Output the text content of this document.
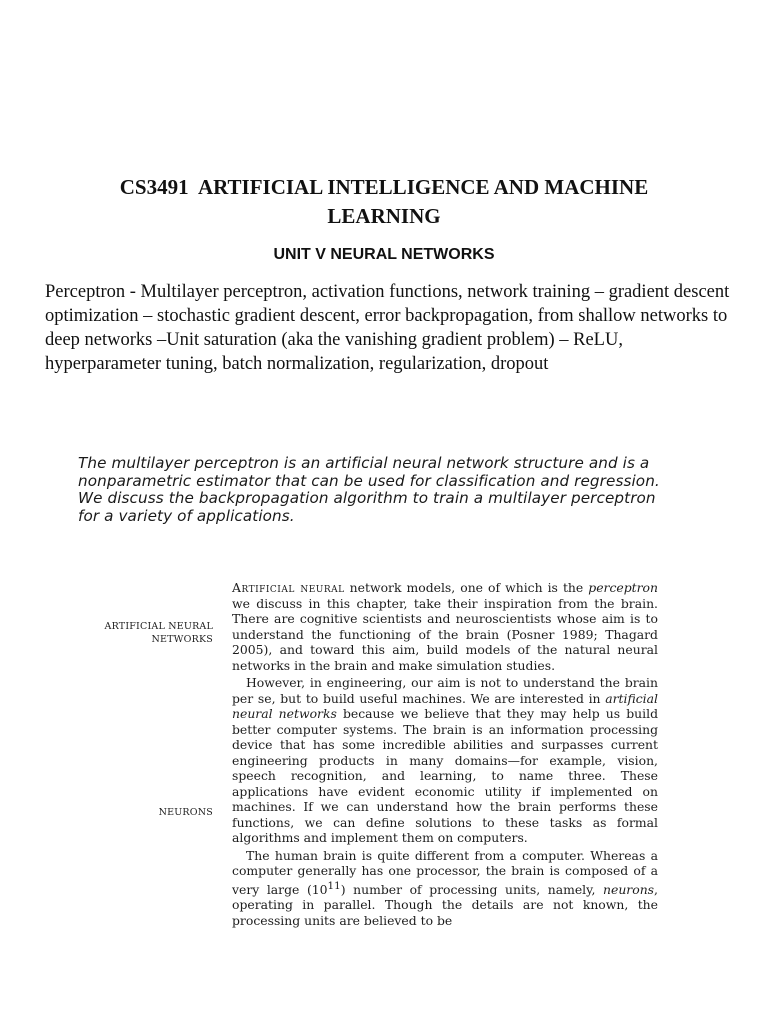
CS3491  ARTIFICIAL INTELLIGENCE AND MACHINE
LEARNING
UNIT V NEURAL NETWORKS
Perceptron - Multilayer perceptron, activation functions, network training – gradient descent optimization – stochastic gradient descent, error backpropagation, from shallow networks to deep networks –Unit saturation (aka the vanishing gradient problem) – ReLU, hyperparameter tuning, batch normalization, regularization, dropout
The multilayer perceptron is an artificial neural network structure and is a nonparametric estimator that can be used for classification and regression. We discuss the backpropagation algorithm to train a multilayer perceptron for a variety of applications.
ARTIFICIAL NEURAL
NETWORKS
NEURONS

Artificial neural network models, one of which is the perceptron we discuss in this chapter, take their inspiration from the brain. There are cognitive scientists and neuroscientists whose aim is to understand the functioning of the brain (Posner 1989; Thagard 2005), and toward this aim, build models of the natural neural networks in the brain and make simulation studies.

However, in engineering, our aim is not to understand the brain per se, but to build useful machines. We are interested in artificial neural networks because we believe that they may help us build better computer systems. The brain is an information processing device that has some incredible abilities and surpasses current engineering products in many domains—for example, vision, speech recognition, and learning, to name three. These applications have evident economic utility if implemented on machines. If we can understand how the brain performs these functions, we can define solutions to these tasks as formal algorithms and implement them on computers.

The human brain is quite different from a computer. Whereas a computer generally has one processor, the brain is composed of a very large $(10^{11})$ number of processing units, namely, neurons, operating in parallel. Though the details are not known, the processing units are believed to be
